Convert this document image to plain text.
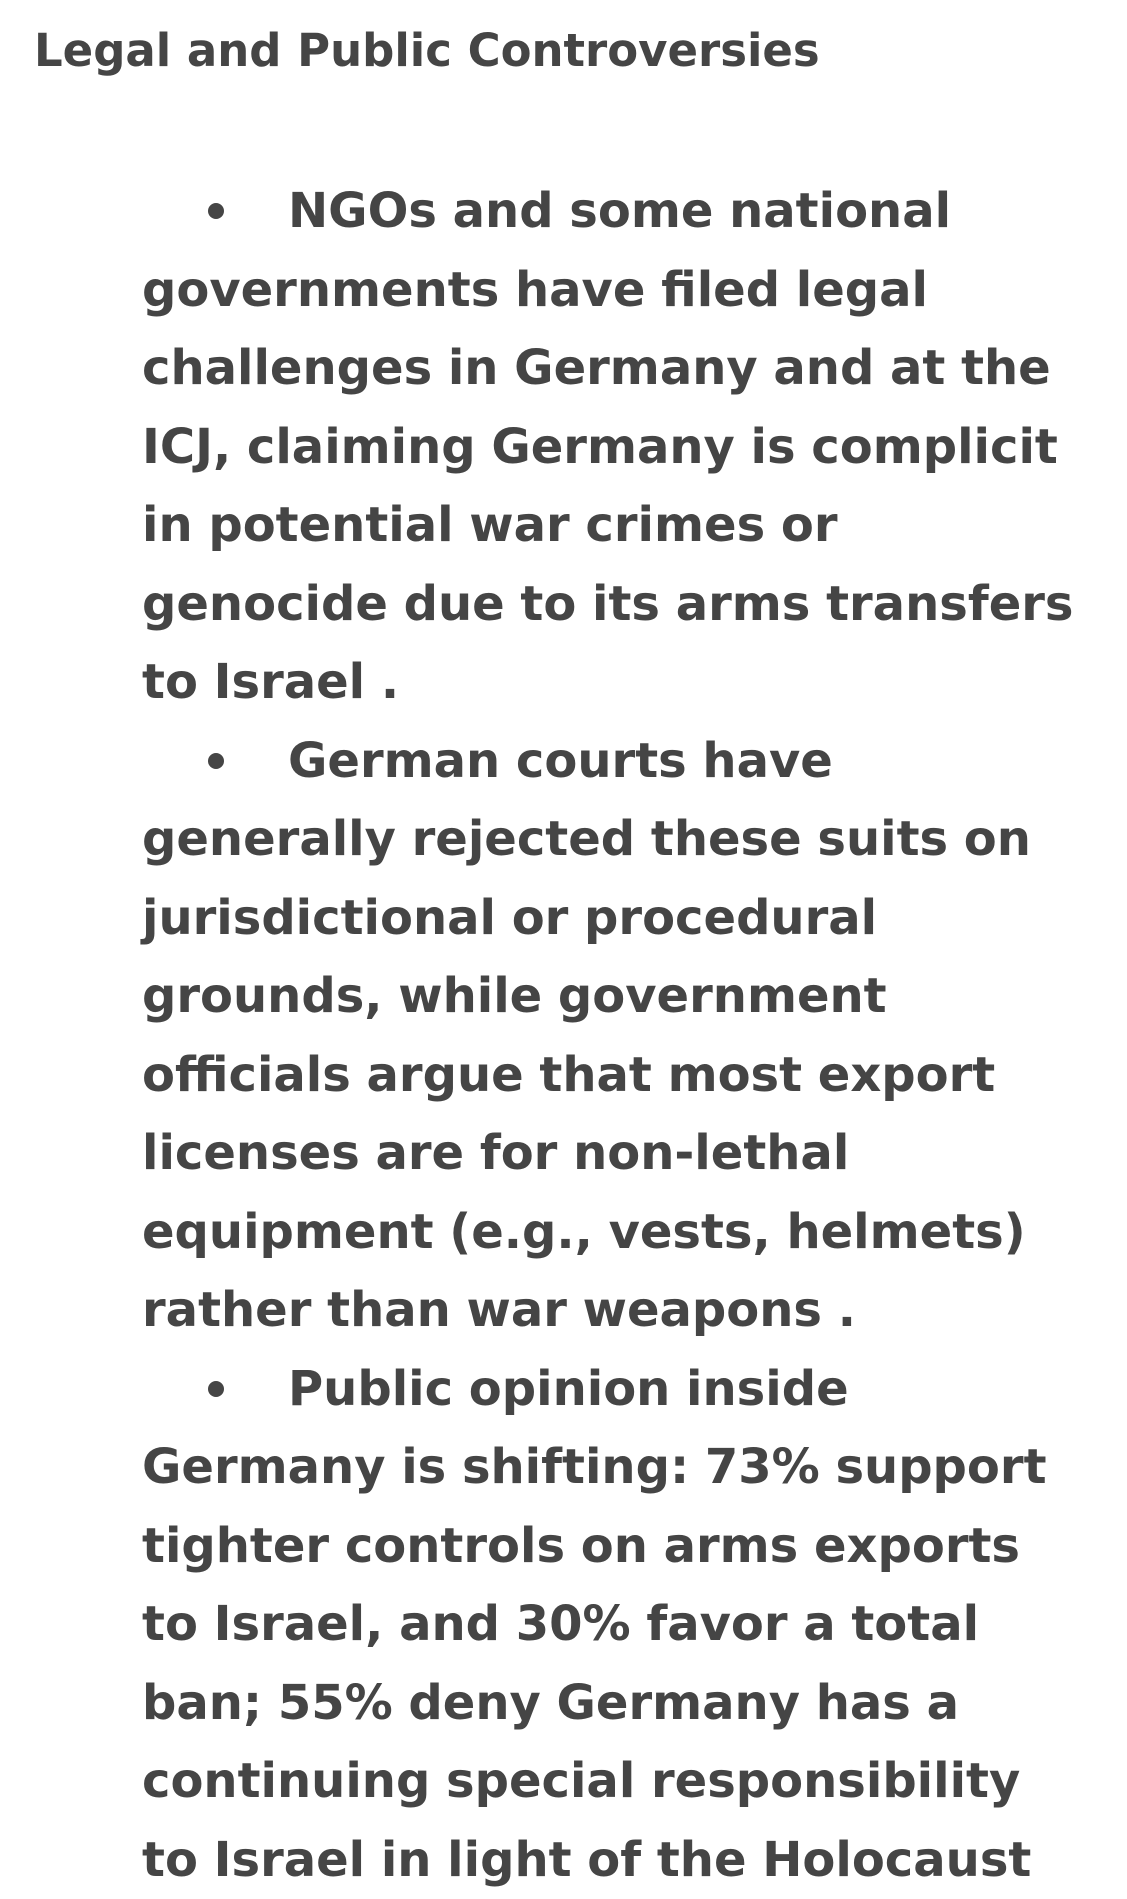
Legal and Public Controversies
NGOs and some national governments have filed legal challenges in Germany and at the ICJ, claiming Germany is complicit in potential war crimes or genocide due to its arms transfers to Israel .
German courts have generally rejected these suits on jurisdictional or procedural grounds, while government officials argue that most export licenses are for non-lethal equipment (e.g., vests, helmets) rather than war weapons .
Public opinion inside Germany is shifting: 73% support tighter controls on arms exports to Israel, and 30% favor a total ban; 55% deny Germany has a continuing special responsibility to Israel in light of the Holocaust
